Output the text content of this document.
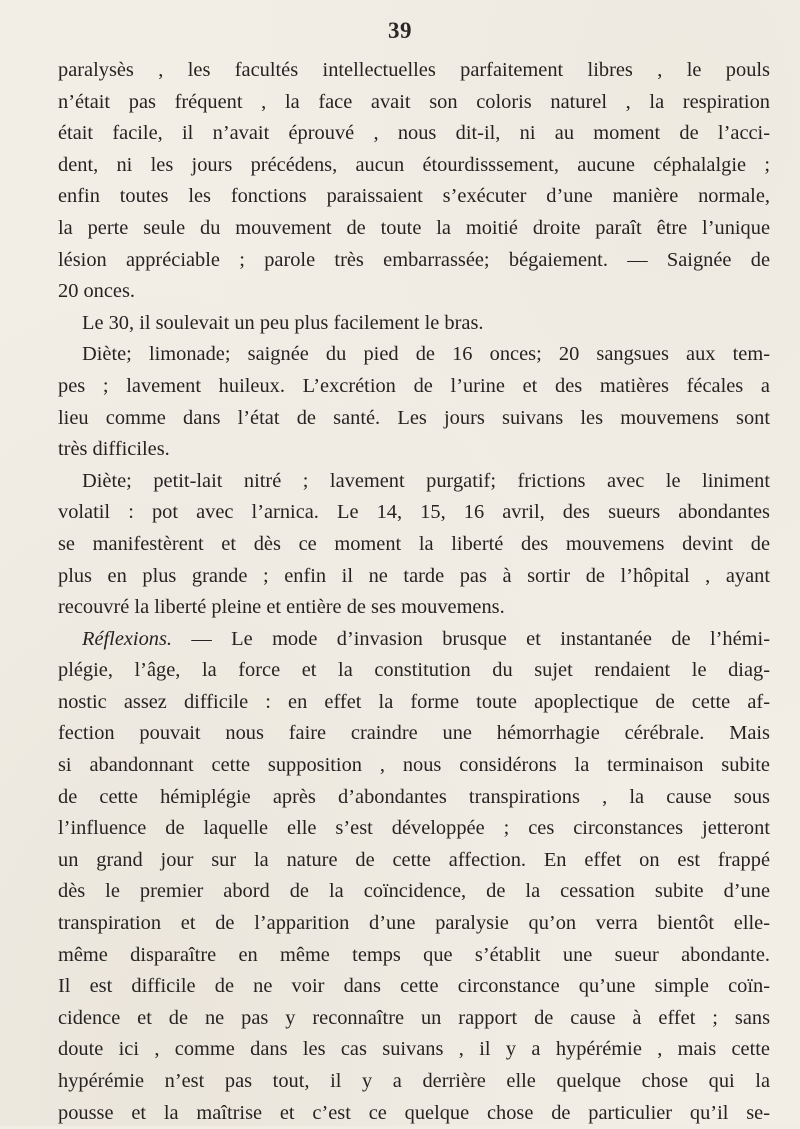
39
paralysès , les facultés intellectuelles parfaitement libres , le pouls
n’était pas fréquent , la face avait son coloris naturel , la respiration
était facile, il n’avait éprouvé , nous dit-il, ni au moment de l’acci-
dent, ni les jours précédens, aucun étourdisssement, aucune céphalalgie ;
enfin toutes les fonctions paraissaient s’exécuter d’une manière normale,
la perte seule du mouvement de toute la moitié droite paraît être l’unique
lésion appréciable ; parole très embarrassée; bégaiement. — Saignée de
20 onces.
Le 30, il soulevait un peu plus facilement le bras.
Diète; limonade; saignée du pied de 16 onces; 20 sangsues aux tem-
pes ; lavement huileux. L’excrétion de l’urine et des matières fécales a
lieu comme dans l’état de santé. Les jours suivans les mouvemens sont
très difficiles.
Diète; petit-lait nitré ; lavement purgatif; frictions avec le liniment
volatil : pot avec l’arnica. Le 14, 15, 16 avril, des sueurs abondantes
se manifestèrent et dès ce moment la liberté des mouvemens devint de
plus en plus grande ; enfin il ne tarde pas à sortir de l’hôpital , ayant
recouvré la liberté pleine et entière de ses mouvemens.
Réflexions. — Le mode d’invasion brusque et instantanée de l’hémi-
plégie, l’âge, la force et la constitution du sujet rendaient le diag-
nostic assez difficile : en effet la forme toute apoplectique de cette af-
fection pouvait nous faire craindre une hémorrhagie cérébrale. Mais
si abandonnant cette supposition , nous considérons la terminaison subite
de cette hémiplégie après d’abondantes transpirations , la cause sous
l’influence de laquelle elle s’est développée ; ces circonstances jetteront
un grand jour sur la nature de cette affection. En effet on est frappé
dès le premier abord de la coïncidence, de la cessation subite d’une
transpiration et de l’apparition d’une paralysie qu’on verra bientôt elle-
même disparaître en même temps que s’établit une sueur abondante.
Il est difficile de ne voir dans cette circonstance qu’une simple coïn-
cidence et de ne pas y reconnaître un rapport de cause à effet ; sans
doute ici , comme dans les cas suivans , il y a hypérémie , mais cette
hypérémie n’est pas tout, il y a derrière elle quelque chose qui la
pousse et la maîtrise et c’est ce quelque chose de particulier qu’il se-
